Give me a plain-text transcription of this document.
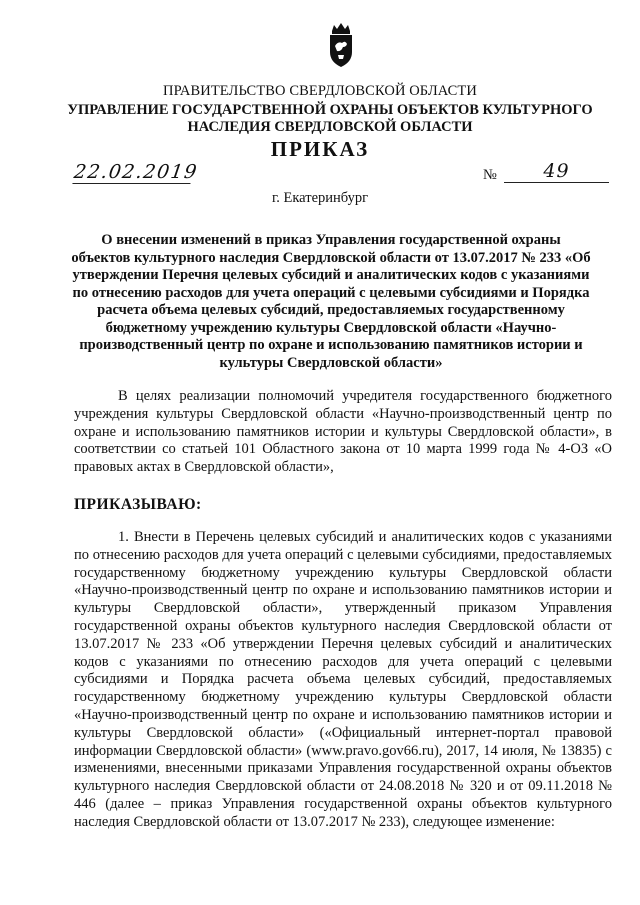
ПРАВИТЕЛЬСТВО СВЕРДЛОВСКОЙ ОБЛАСТИ
УПРАВЛЕНИЕ ГОСУДАРСТВЕННОЙ ОХРАНЫ ОБЪЕКТОВ КУЛЬТУРНОГО НАСЛЕДИЯ СВЕРДЛОВСКОЙ ОБЛАСТИ
ПРИКАЗ
22.02.2019	№	49
г. Екатеринбург
О внесении изменений в приказ Управления государственной охраны объектов культурного наследия Свердловской области от 13.07.2017 № 233 «Об утверждении Перечня целевых субсидий и аналитических кодов с указаниями по отнесению расходов для учета операций с целевыми субсидиями и Порядка расчета объема целевых субсидий, предоставляемых государственному бюджетному учреждению культуры Свердловской области «Научно-производственный центр по охране и использованию памятников истории и культуры Свердловской области»
В целях реализации полномочий учредителя государственного бюджетного учреждения культуры Свердловской области «Научно-производственный центр по охране и использованию памятников истории и культуры Свердловской области», в соответствии со статьей 101 Областного закона от 10 марта 1999 года № 4-ОЗ «О правовых актах в Свердловской области»,
ПРИКАЗЫВАЮ:
1. Внести в Перечень целевых субсидий и аналитических кодов с указаниями по отнесению расходов для учета операций с целевыми субсидиями, предоставляемых государственному бюджетному учреждению культуры Свердловской области «Научно-производственный центр по охране и использованию памятников истории и культуры Свердловской области», утвержденный приказом Управления государственной охраны объектов культурного наследия Свердловской области от 13.07.2017 № 233 «Об утверждении Перечня целевых субсидий и аналитических кодов с указаниями по отнесению расходов для учета операций с целевыми субсидиями и Порядка расчета объема целевых субсидий, предоставляемых государственному бюджетному учреждению культуры Свердловской области «Научно-производственный центр по охране и использованию памятников истории и культуры Свердловской области» («Официальный интернет-портал правовой информации Свердловской области» (www.pravo.gov66.ru), 2017, 14 июля, № 13835) с изменениями, внесенными приказами Управления государственной охраны объектов культурного наследия Свердловской области от 24.08.2018 № 320 и от 09.11.2018 № 446 (далее – приказ Управления государственной охраны объектов культурного наследия Свердловской области от 13.07.2017 № 233), следующее изменение:
